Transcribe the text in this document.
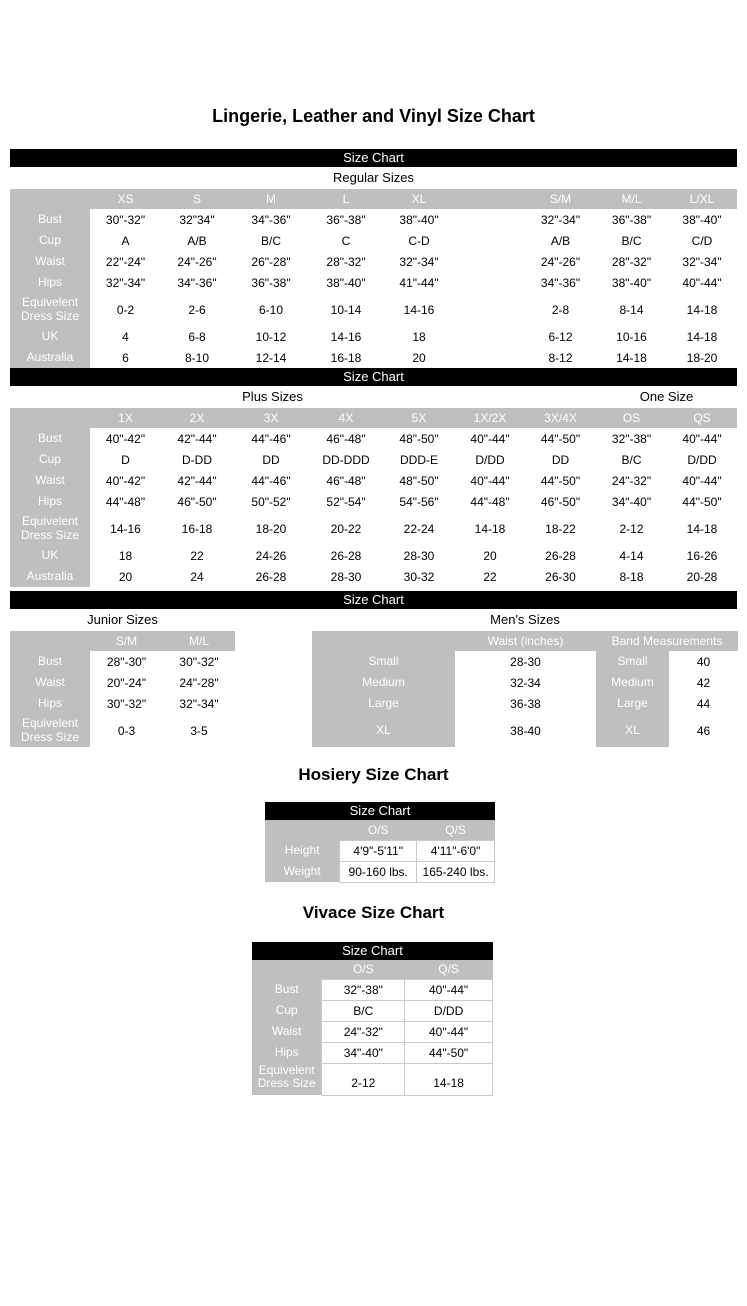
Lingerie, Leather and Vinyl Size Chart
Size Chart
Regular Sizes
	XS	S	M	L	XL		S/M	M/L	L/XL
Bust	30"-32"	32"34"	34"-36"	36"-38"	38"-40"		32"-34"	36"-38"	38"-40"
Cup	A	A/B	B/C	C	C-D		A/B	B/C	C/D
Waist	22"-24"	24"-26"	26"-28"	28"-32"	32"-34"		24"-26"	28"-32"	32"-34"
Hips	32"-34"	34"-36"	36"-38"	38"-40"	41"-44"		34"-36"	38"-40"	40"-44"
Equivelent Dress Size	0-2	2-6	6-10	10-14	14-16		2-8	8-14	14-18
UK	4	6-8	10-12	14-16	18		6-12	10-16	14-18
Australia	6	8-10	12-14	16-18	20		8-12	14-18	18-20
Size Chart
Plus Sizes	One Size
	1X	2X	3X	4X	5X	1X/2X	3X/4X	OS	QS
Bust	40"-42"	42"-44"	44"-46"	46"-48"	48"-50"	40"-44"	44"-50"	32"-38"	40"-44"
Cup	D	D-DD	DD	DD-DDD	DDD-E	D/DD	DD	B/C	D/DD
Waist	40"-42"	42"-44"	44"-46"	46"-48"	48"-50"	40"-44"	44"-50"	24"-32"	40"-44"
Hips	44"-48"	46"-50"	50"-52"	52"-54"	54"-56"	44"-48"	46"-50"	34"-40"	44"-50"
Equivelent Dress Size	14-16	16-18	18-20	20-22	22-24	14-18	18-22	2-12	14-18
UK	18	22	24-26	26-28	28-30	20	26-28	4-14	16-26
Australia	20	24	26-28	28-30	30-32	22	26-30	8-18	20-28
Size Chart
Junior Sizes	Men's Sizes
	S/M	M/L
Bust	28"-30"	30"-32"
Waist	20"-24"	24"-28"
Hips	30"-32"	32"-34"
Equivelent Dress Size	0-3	3-5
	Waist (inches)	Band Measurements	
Small	28-30	Small	40
Medium	32-34	Medium	42
Large	36-38	Large	44
XL	38-40	XL	46
Hosiery Size Chart
Size Chart
	O/S	Q/S
Height	4'9"-5'11"	4'11"-6'0"
Weight	90-160 lbs.	165-240 lbs.
Vivace Size Chart
Size Chart
	O/S	Q/S
Bust	32"-38"	40"-44"
Cup	B/C	D/DD
Waist	24"-32"	40"-44"
Hips	34"-40"	44"-50"
Equivelent Dress Size	2-12	14-18
